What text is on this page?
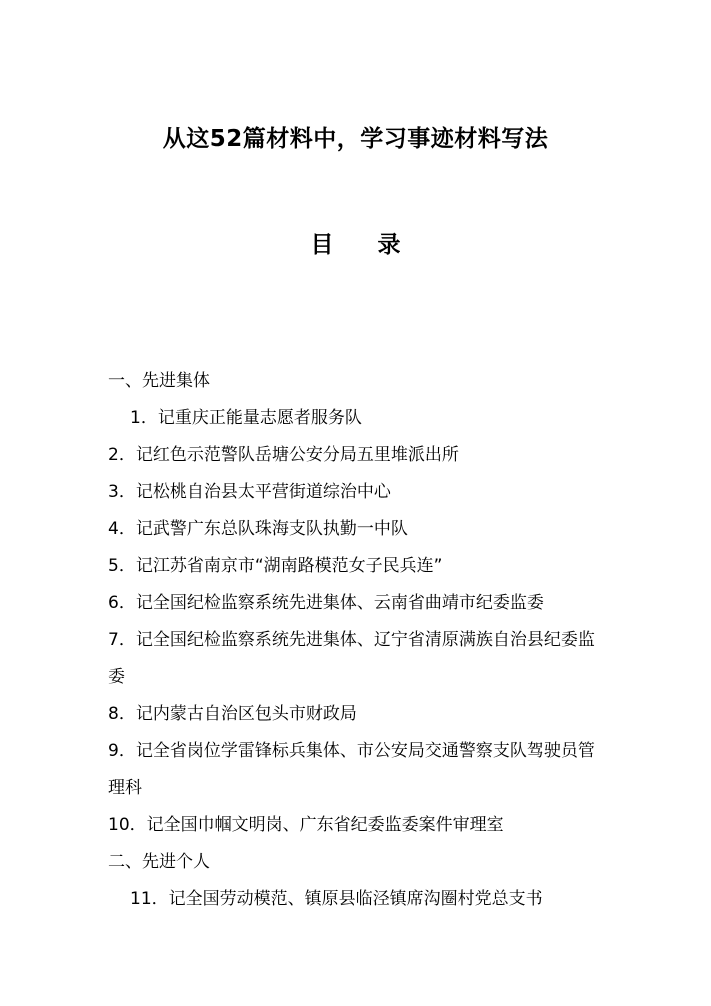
从这52篇材料中，学习事迹材料写法
目 录
一、先进集体
1．记重庆正能量志愿者服务队
2．记红色示范警队岳塘公安分局五里堆派出所
3．记松桃自治县太平营街道综治中心
4．记武警广东总队珠海支队执勤一中队
5．记江苏省南京市“湖南路模范女子民兵连”
6．记全国纪检监察系统先进集体、云南省曲靖市纪委监委
7．记全国纪检监察系统先进集体、辽宁省清原满族自治县纪委监委
8．记内蒙古自治区包头市财政局
9．记全省岗位学雷锋标兵集体、市公安局交通警察支队驾驶员管理科
10．记全国巾帼文明岗、广东省纪委监委案件审理室
二、先进个人
11．记全国劳动模范、镇原县临泾镇席沟圈村党总支书
